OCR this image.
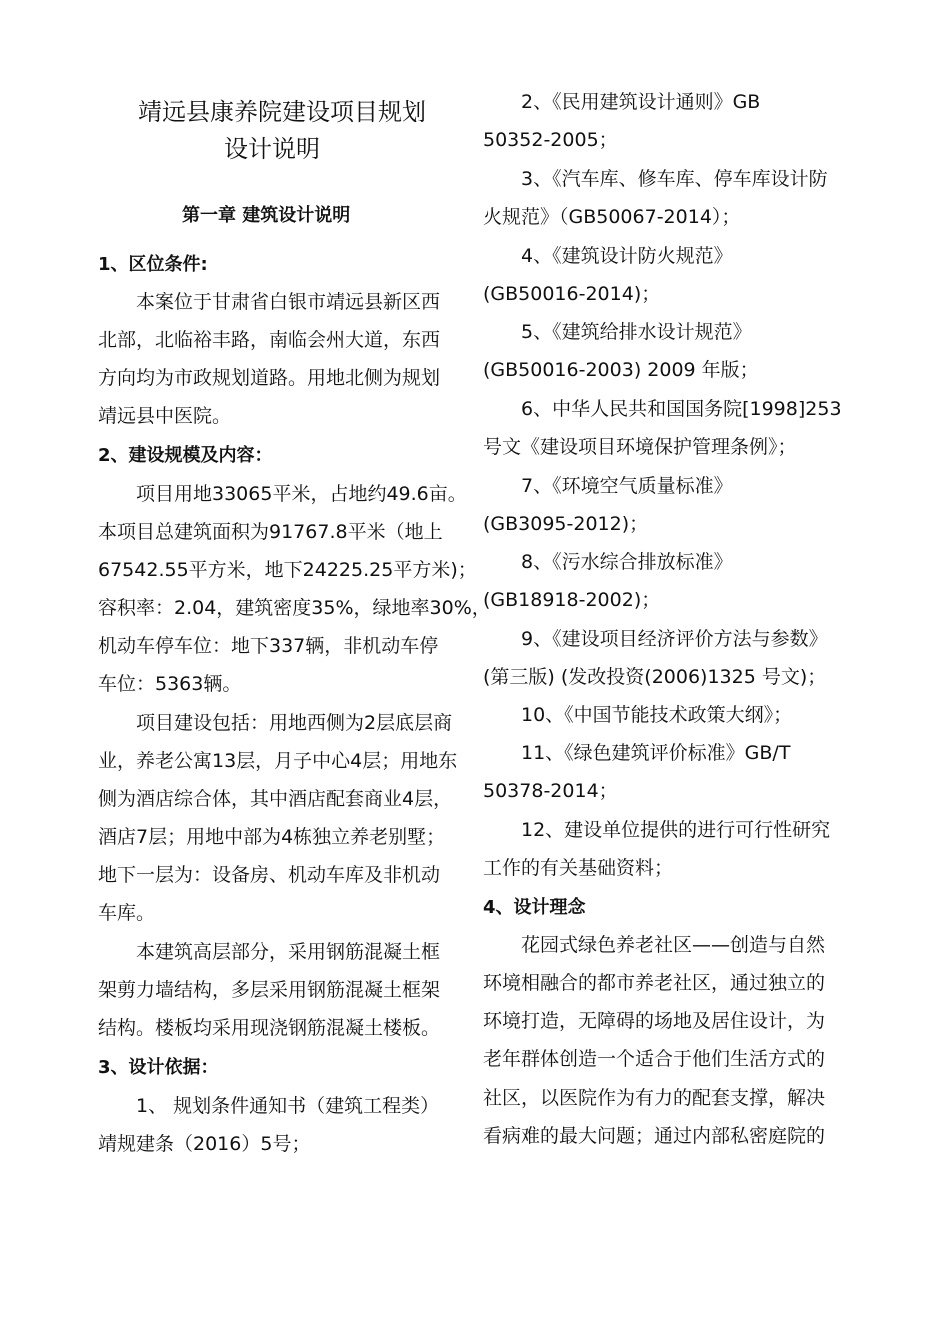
靖远县康养院建设项目规划
设计说明
第一章 建筑设计说明
1、区位条件:
本案位于甘肃省白银市靖远县新区西
北部，北临裕丰路，南临会州大道，东西
方向均为市政规划道路。用地北侧为规划
靖远县中医院。
2、建设规模及内容：
项目用地33065平米，占地约49.6亩。
本项目总建筑面积为91767.8平米（地上
67542.55平方米，地下24225.25平方米)；
容积率：2.04，建筑密度35%，绿地率30%，
机动车停车位：地下337辆，非机动车停
车位：5363辆。
项目建设包括：用地西侧为2层底层商
业，养老公寓13层，月子中心4层；用地东
侧为酒店综合体，其中酒店配套商业4层，
酒店7层；用地中部为4栋独立养老别墅；
地下一层为：设备房、机动车库及非机动
车库。
本建筑高层部分，采用钢筋混凝土框
架剪力墙结构，多层采用钢筋混凝土框架
结构。楼板均采用现浇钢筋混凝土楼板。
3、设计依据：
1、 规划条件通知书（建筑工程类）
靖规建条（2016）5号；
2、《民用建筑设计通则》GB
50352-2005；
3、《汽车库、修车库、停车库设计防
火规范》（GB50067-2014）；
4、《建筑设计防火规范》
(GB50016-2014)；
5、《建筑给排水设计规范》
(GB50016-2003) 2009 年版；
6、中华人民共和国国务院[1998]253
号文《建设项目环境保护管理条例》；
7、《环境空气质量标准》
(GB3095-2012)；
8、《污水综合排放标准》
(GB18918-2002)；
9、《建设项目经济评价方法与参数》
(第三版) (发改投资(2006)1325 号文)；
10、《中国节能技术政策大纲》；
11、《绿色建筑评价标准》GB/T
50378-2014；
12、建设单位提供的进行可行性研究
工作的有关基础资料；
4、设计理念
花园式绿色养老社区——创造与自然
环境相融合的都市养老社区，通过独立的
环境打造，无障碍的场地及居住设计，为
老年群体创造一个适合于他们生活方式的
社区，以医院作为有力的配套支撑，解决
看病难的最大问题；通过内部私密庭院的
